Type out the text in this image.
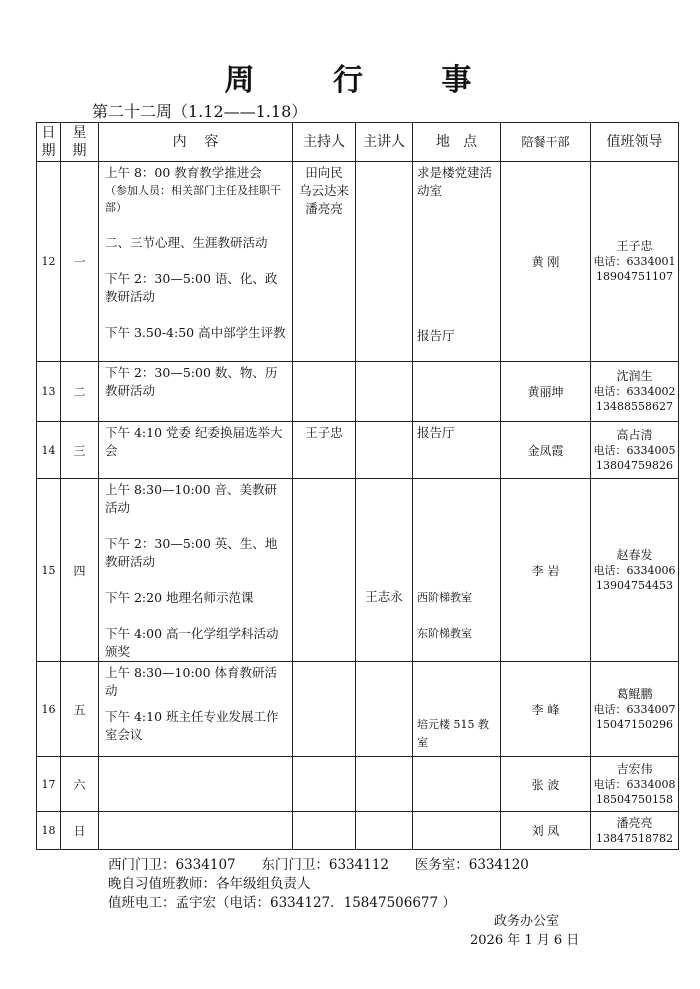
周 行 事
第二十二周（1.12——1.18）
日
期	星
期	内    容	主持人	主讲人	地   点	陪餐干部	值班领导
12	一	上午 8：00 教育教学推进会
（参加人员：相关部门主任及挂职干部）
二、三节心理、生涯教研活动
下午 2：30—5:00 语、化、政教研活动
下午 3.50-4:50 高中部学生评教	田向民
乌云达来
潘亮亮		求是楼党建活动室
报告厅	黄 刚	王子忠
电话：6334001
18904751107

13	二	下午 2：30—5:00 数、物、历教研活动				黄丽坤	沈润生
电话：6334002
13488558627

14	三	下午 4:10 党委 纪委换届选举大会	王子忠		报告厅	金凤霞	高占清
电话：6334005
13804759826

15	四	上午 8:30—10:00 音、美教研活动
下午 2：30—5:00 英、生、地教研活动
下午 2:20 地理名师示范课
下午 4:00 高一化学组学科活动颁奖		王志永	西阶梯教室
东阶梯教室	李 岩	赵春发
电话：6334006
13904754453

16	五	上午 8:30—10:00 体育教研活动
下午 4:10 班主任专业发展工作室会议			培元楼 515 教室	李 峰	葛鲲鹏
电话：6334007
15047150296

17	六					张 波	吉宏伟
电话：6334008
18504750158

18	日					刘 凤	潘亮亮
13847518782
西门门卫：6334107      东门门卫：6334112      医务室：6334120
晚自习值班教师：各年级组负责人
值班电工：孟宇宏（电话：6334127．15847506677 ）
政务办公室
2026 年 1 月 6 日
